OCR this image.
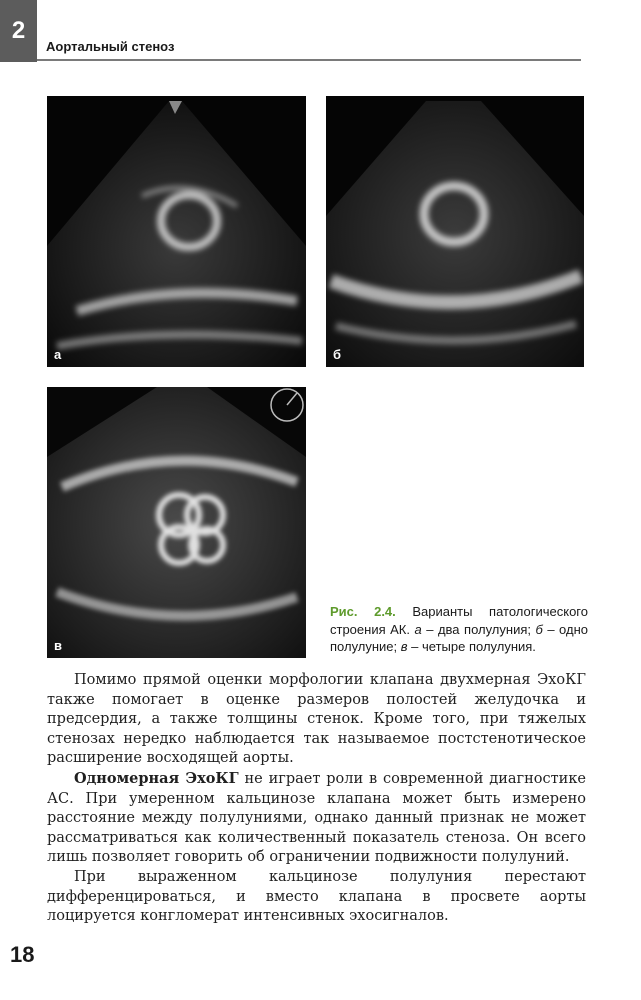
2
Аортальный стеноз
а	б
в
Рис. 2.4. Варианты патологического строения АК. а – два полулуния; б – одно полулуние; в – четыре полулуния.

Помимо прямой оценки морфологии клапана двухмерная ЭхоКГ также помогает в оценке размеров полостей желудочка и предсердия, а также толщины стенок. Кроме того, при тяжелых стенозах нередко наблюдается так называемое постстенотическое расширение восходящей аорты.

Одномерная ЭхоКГ не играет роли в современной диагностике АС. При умеренном кальцинозе клапана может быть измерено расстояние между полулуниями, однако данный признак не может рассматриваться как количественный показатель стеноза. Он всего лишь позволяет говорить об ограничении подвижности полулуний.

При выраженном кальцинозе полулуния перестают дифференцироваться, и вместо клапана в просвете аорты лоцируется конгломерат интенсивных эхосигналов.

18
